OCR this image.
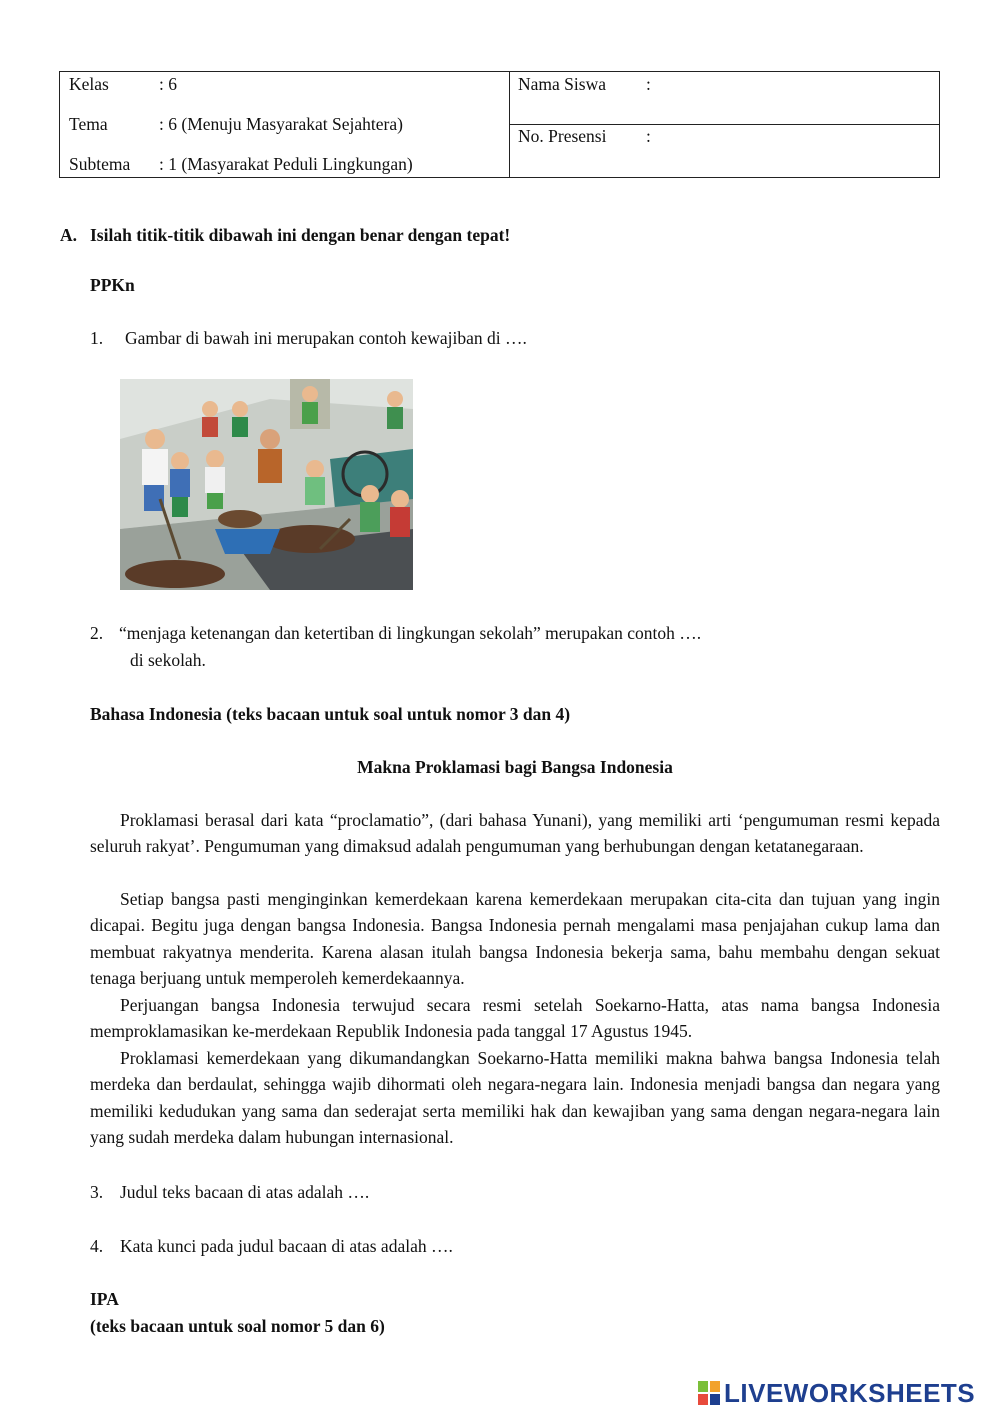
Kelas	: 6
Tema	: 6 (Menuju Masyarakat Sejahtera)
Subtema : 1 (Masyarakat Peduli Lingkungan)
Nama Siswa :
No. Presensi :
A. Isilah titik-titik dibawah ini dengan benar dengan tepat!
PPKn
1. Gambar di bawah ini merupakan contoh kewajiban di ….
2. “menjaga ketenangan dan ketertiban di lingkungan sekolah” merupakan contoh ….
di sekolah.
Bahasa Indonesia (teks bacaan untuk soal untuk nomor 3 dan 4)
Makna Proklamasi bagi Bangsa Indonesia

Proklamasi berasal dari kata “proclamatio”, (dari bahasa Yunani), yang memiliki arti ‘pengumuman resmi kepada seluruh rakyat’. Pengumuman yang dimaksud adalah pengumuman yang berhubungan dengan ketatanegaraan.

Setiap bangsa pasti menginginkan kemerdekaan karena kemerdekaan merupakan cita-cita dan tujuan yang ingin dicapai. Begitu juga dengan bangsa Indonesia. Bangsa Indonesia pernah mengalami masa penjajahan cukup lama dan membuat rakyatnya menderita. Karena alasan itulah bangsa Indonesia bekerja sama, bahu membahu dengan sekuat tenaga berjuang untuk memperoleh kemerdekaannya.

Perjuangan bangsa Indonesia terwujud secara resmi setelah Soekarno-Hatta, atas nama bangsa Indonesia memproklamasikan ke-merdekaan Republik Indonesia pada tanggal 17 Agustus 1945.

Proklamasi kemerdekaan yang dikumandangkan Soekarno-Hatta memiliki makna bahwa bangsa Indonesia telah merdeka dan berdaulat, sehingga wajib dihormati oleh negara-negara lain. Indonesia menjadi bangsa dan negara yang memiliki kedudukan yang sama dan sederajat serta memiliki hak dan kewajiban yang sama dengan negara-negara lain yang sudah merdeka dalam hubungan internasional.

3. Judul teks bacaan di atas adalah ….
4. Kata kunci pada judul bacaan di atas adalah ….
IPA
(teks bacaan untuk soal nomor 5 dan 6)
LIVEWORKSHEETS
